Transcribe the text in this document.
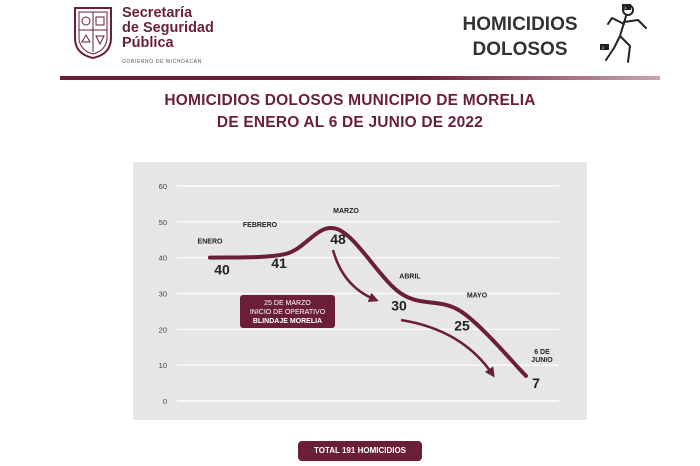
Secretaría
de Seguridad
Pública
GOBIERNO DE MICHOACÁN
HOMICIDIOS
DOLOSOS
1
2
HOMICIDIOS DOLOSOS MUNICIPIO DE MORELIA
DE ENERO AL 6 DE JUNIO DE 2022
0
10
20
30
40
50
60
ENERO
40
FEBRERO
41
MARZO
48
ABRIL
30
MAYO
25
6 DE
JUNIO
7
25 DE MARZO
INICIO DE OPERATIVO
BLINDAJE MORELIA
TOTAL 191 HOMICIDIOS
